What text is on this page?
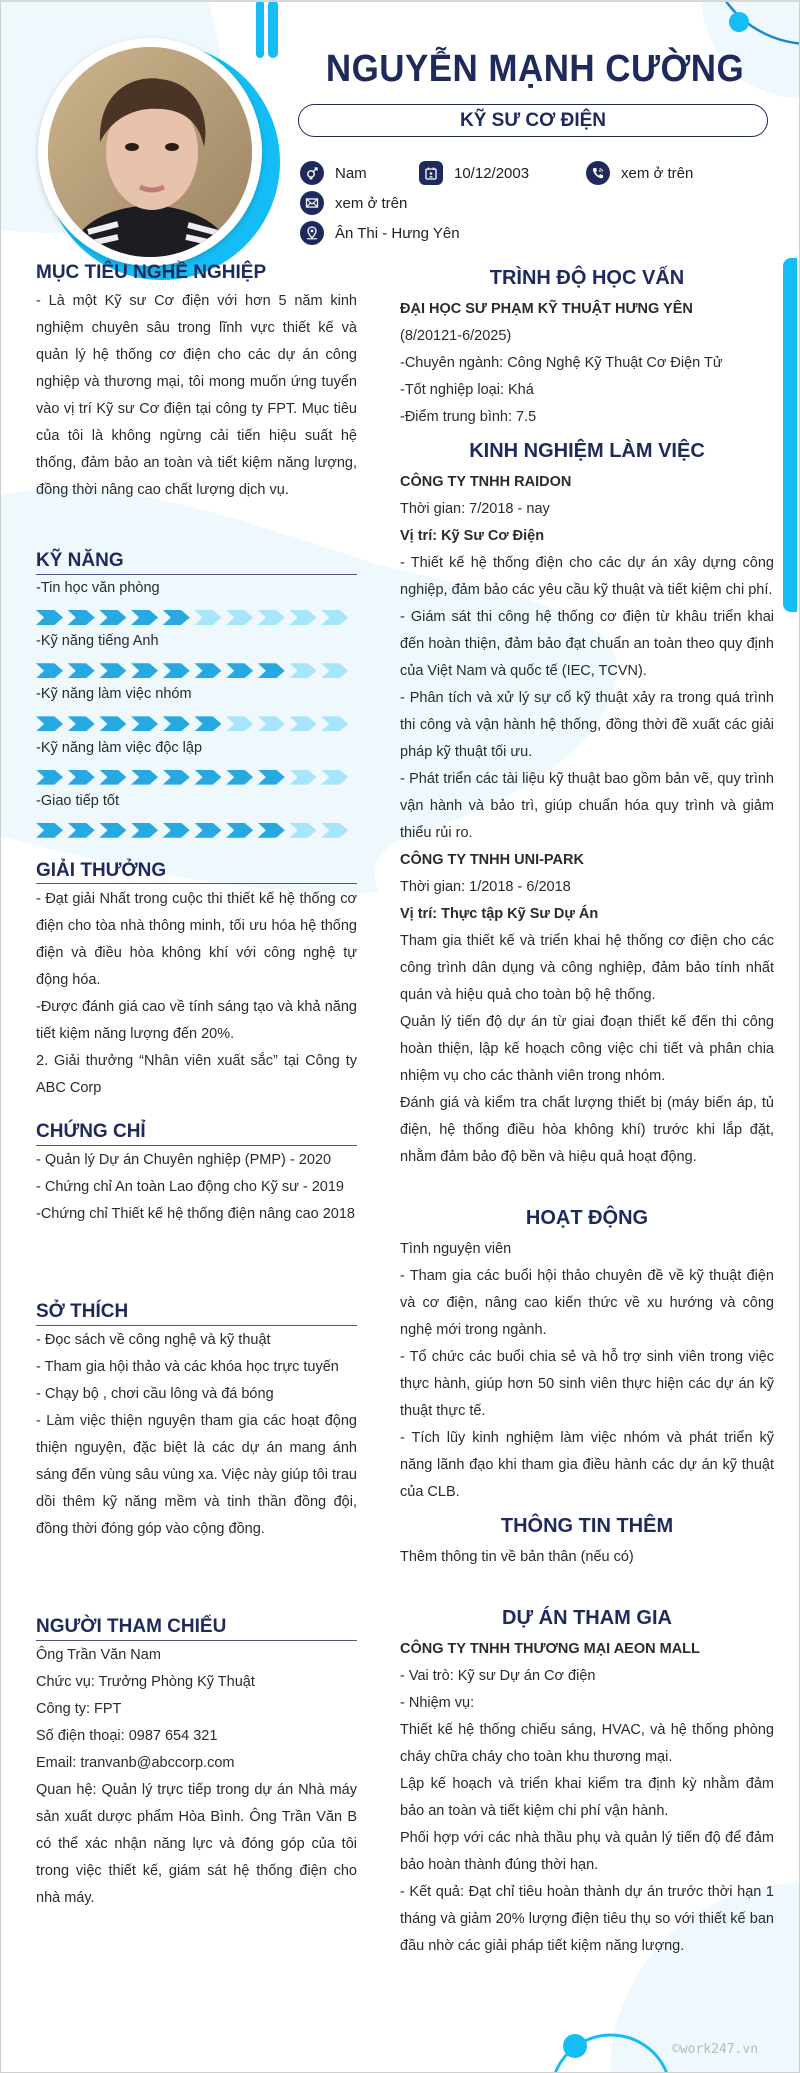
NGUYỄN MẠNH CƯỜNG
KỸ SƯ CƠ ĐIỆN
Nam	10/12/2003	xem ở trên
xem ở trên
Ân Thi - Hưng Yên
MỤC TIÊU NGHỀ NGHIỆP
- Là một Kỹ sư Cơ điện với hơn 5 năm kinh nghiệm chuyên sâu trong lĩnh vực thiết kế và quản lý hệ thống cơ điện cho các dự án công nghiệp và thương mại, tôi mong muốn ứng tuyển vào vị trí Kỹ sư Cơ điện tại công ty FPT. Mục tiêu của tôi là không ngừng cải tiến hiệu suất hệ thống, đảm bảo an toàn và tiết kiệm năng lượng, đồng thời nâng cao chất lượng dịch vụ.
KỸ NĂNG
-Tin học văn phòng
-Kỹ năng tiếng Anh
-Kỹ năng làm việc nhóm
-Kỹ năng làm việc độc lập
-Giao tiếp tốt
GIẢI THƯỞNG
- Đạt giải Nhất trong cuộc thi thiết kế hệ thống cơ điện cho tòa nhà thông minh, tối ưu hóa hệ thống điện và điều hòa không khí với công nghệ tự động hóa.
-Được đánh giá cao về tính sáng tạo và khả năng tiết kiệm năng lượng đến 20%.
2. Giải thưởng “Nhân viên xuất sắc” tại Công ty ABC Corp
CHỨNG CHỈ
- Quản lý Dự án Chuyên nghiệp (PMP) - 2020
- Chứng chỉ An toàn Lao động cho Kỹ sư - 2019
-Chứng chỉ Thiết kế hệ thống điện nâng cao 2018
SỞ THÍCH
- Đọc sách về công nghệ và kỹ thuật
- Tham gia hội thảo và các khóa học trực tuyến
- Chạy bộ , chơi cầu lông và đá bóng
- Làm việc thiện nguyện tham gia các hoạt động thiện nguyện, đặc biệt là các dự án mang ánh sáng đến vùng sâu vùng xa. Việc này giúp tôi trau dồi thêm kỹ năng mềm và tinh thần đồng đội, đồng thời đóng góp vào cộng đồng.
NGƯỜI THAM CHIẾU
Ông Trần Văn Nam
Chức vụ: Trưởng Phòng Kỹ Thuật
Công ty: FPT
Số điện thoại: 0987 654 321
Email: tranvanb@abccorp.com
Quan hệ: Quản lý trực tiếp trong dự án Nhà máy sản xuất dược phẩm Hòa Bình. Ông Trần Văn B có thể xác nhận năng lực và đóng góp của tôi trong việc thiết kế, giám sát hệ thống điện cho nhà máy.
TRÌNH ĐỘ HỌC VẤN
ĐẠI HỌC SƯ PHẠM KỸ THUẬT HƯNG YÊN
(8/20121-6/2025)
-Chuyên ngành: Công Nghệ Kỹ Thuật Cơ Điện Tử
-Tốt nghiệp loại: Khá
-Điểm trung bình: 7.5
KINH NGHIỆM LÀM VIỆC
CÔNG TY TNHH RAIDON
Thời gian: 7/2018 - nay
Vị trí: Kỹ Sư Cơ Điện
- Thiết kế hệ thống điện cho các dự án xây dựng công nghiệp, đảm bảo các yêu cầu kỹ thuật và tiết kiệm chi phí.
- Giám sát thi công hệ thống cơ điện từ khâu triển khai đến hoàn thiện, đảm bảo đạt chuẩn an toàn theo quy định của Việt Nam và quốc tế (IEC, TCVN).
- Phân tích và xử lý sự cố kỹ thuật xảy ra trong quá trình thi công và vận hành hệ thống, đồng thời đề xuất các giải pháp kỹ thuật tối ưu.
- Phát triển các tài liệu kỹ thuật bao gồm bản vẽ, quy trình vận hành và bảo trì, giúp chuẩn hóa quy trình và giảm thiểu rủi ro.
CÔNG TY TNHH UNI-PARK
Thời gian: 1/2018 - 6/2018
Vị trí: Thực tập Kỹ Sư Dự Án
Tham gia thiết kế và triển khai hệ thống cơ điện cho các công trình dân dụng và công nghiệp, đảm bảo tính nhất quán và hiệu quả cho toàn bộ hệ thống.
Quản lý tiến độ dự án từ giai đoạn thiết kế đến thi công hoàn thiện, lập kế hoạch công việc chi tiết và phân chia nhiệm vụ cho các thành viên trong nhóm.
Đánh giá và kiểm tra chất lượng thiết bị (máy biến áp, tủ điện, hệ thống điều hòa không khí) trước khi lắp đặt, nhằm đảm bảo độ bền và hiệu quả hoạt động.
HOẠT ĐỘNG
Tình nguyện viên
- Tham gia các buổi hội thảo chuyên đề về kỹ thuật điện và cơ điện, nâng cao kiến thức về xu hướng và công nghệ mới trong ngành.
- Tổ chức các buổi chia sẻ và hỗ trợ sinh viên trong việc thực hành, giúp hơn 50 sinh viên thực hiện các dự án kỹ thuật thực tế.
- Tích lũy kinh nghiệm làm việc nhóm và phát triển kỹ năng lãnh đạo khi tham gia điều hành các dự án kỹ thuật của CLB.
THÔNG TIN THÊM
Thêm thông tin về bản thân (nếu có)
DỰ ÁN THAM GIA
CÔNG TY TNHH THƯƠNG MẠI AEON MALL
- Vai trò: Kỹ sư Dự án Cơ điện
- Nhiệm vụ:
Thiết kế hệ thống chiếu sáng, HVAC, và hệ thống phòng cháy chữa cháy cho toàn khu thương mại.
Lập kế hoạch và triển khai kiểm tra định kỳ nhằm đảm bảo an toàn và tiết kiệm chi phí vận hành.
Phối hợp với các nhà thầu phụ và quản lý tiến độ để đảm bảo hoàn thành đúng thời hạn.
- Kết quả: Đạt chỉ tiêu hoàn thành dự án trước thời hạn 1 tháng và giảm 20% lượng điện tiêu thụ so với thiết kế ban đầu nhờ các giải pháp tiết kiệm năng lượng.
©work247.vn
